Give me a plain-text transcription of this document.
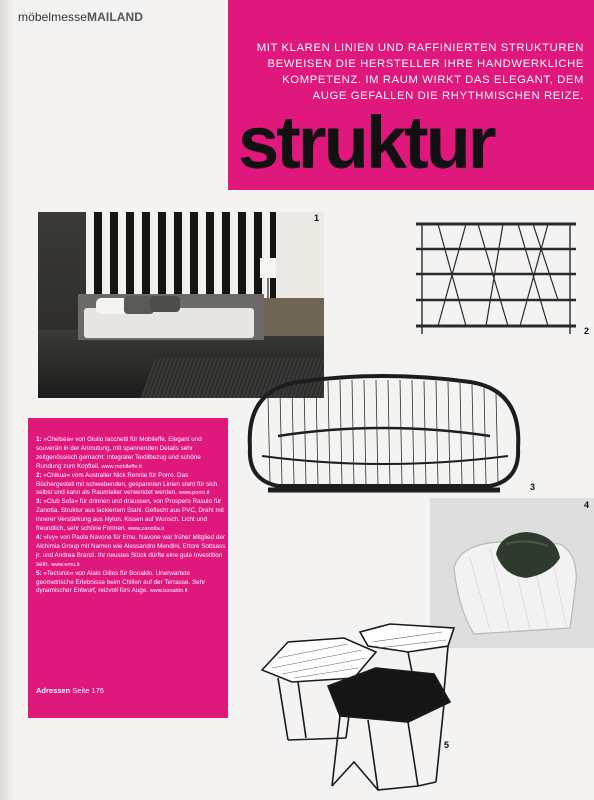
möbelmesseMAILAND
MIT KLAREN LINIEN UND RAFFINIERTEN STRUKTUREN BEWEISEN DIE HERSTELLER IHRE HANDWERKLICHE KOMPETENZ. IM RAUM WIRKT DAS ELEGANT, DEM AUGE GEFALLEN DIE RHYTHMISCHEN REIZE.
struktur
1
2
3
4
5

1: »Chelsea« von Giulio Iacchetti für Mobileffe. Elegant und souverän in der Anmutung, mit spannenden Details sehr zeitgenössisch gemacht: Integraler Textilbezug und schöne Rundung zum Kopfteil. www.mobileffe.it

2: »Chikua« vom Australier Nick Rennie für Porro. Das Büchergestell mit schwebenden, gespannten Linien steht für sich selbst und kann als Raumteiler verwendet werden. www.porro.it

3: »Club Sofa« für drinnen und draussen, von Prospero Rasulo für Zanotta. Struktur aus lackiertem Stahl. Geflecht aus PVC, Draht mit innerer Verstärkung aus Nylon. Kissen auf Wunsch. Licht und freundlich, sehr schöne Formen. www.zanotta.it

4: »Ivy« von Paola Navone für Emu. Navone war früher Mitglied der Alchimia Group mit Namen wie Alessandro Mendini, Ettore Sottsass jr. und Andrea Branzi. Ihr neustes Stück dürfte eine gute Investition sein. www.emu.it

5: »Tectonic« von Alain Gilles für Bonaldo. Unerwartete geometrische Erlebnisse beim Chillen auf der Terrasse. Sehr dynamischer Entwurf, reizvoll fürs Auge. www.bonaldo.it

Adressen Seite 176
